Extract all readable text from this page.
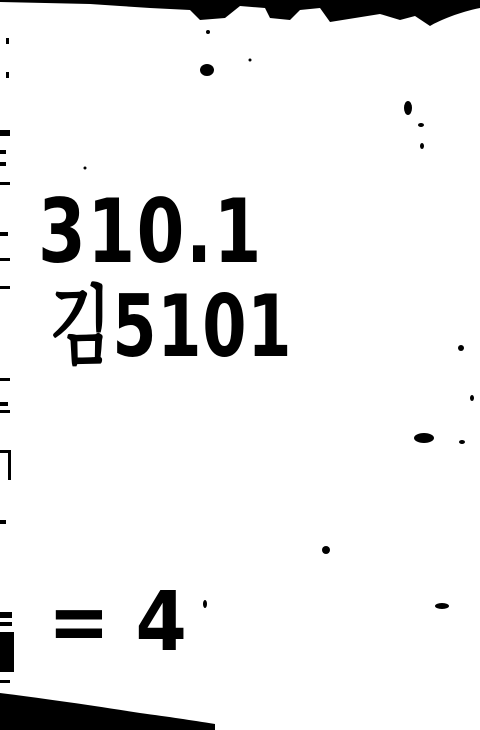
310.1
김5101
= 4
